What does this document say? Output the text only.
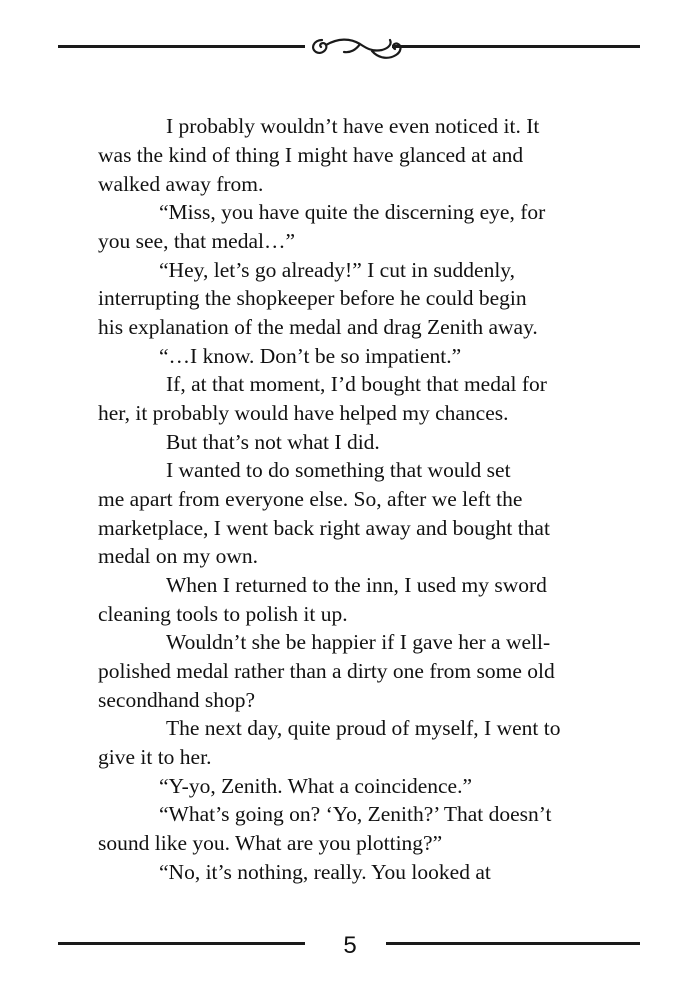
I probably wouldn’t have even noticed it. It
was the kind of thing I might have glanced at and
walked away from.
“Miss, you have quite the discerning eye, for
you see, that medal…”
“Hey, let’s go already!” I cut in suddenly,
interrupting the shopkeeper before he could begin
his explanation of the medal and drag Zenith away.
“…I know. Don’t be so impatient.”
If, at that moment, I’d bought that medal for
her, it probably would have helped my chances.
But that’s not what I did.
I wanted to do something that would set
me apart from everyone else. So, after we left the
marketplace, I went back right away and bought that
medal on my own.
When I returned to the inn, I used my sword
cleaning tools to polish it up.
Wouldn’t she be happier if I gave her a well-
polished medal rather than a dirty one from some old
secondhand shop?
The next day, quite proud of myself, I went to
give it to her.
“Y-yo, Zenith. What a coincidence.”
“What’s going on? ‘Yo, Zenith?’ That doesn’t
sound like you. What are you plotting?”
“No, it’s nothing, really. You looked at
5
